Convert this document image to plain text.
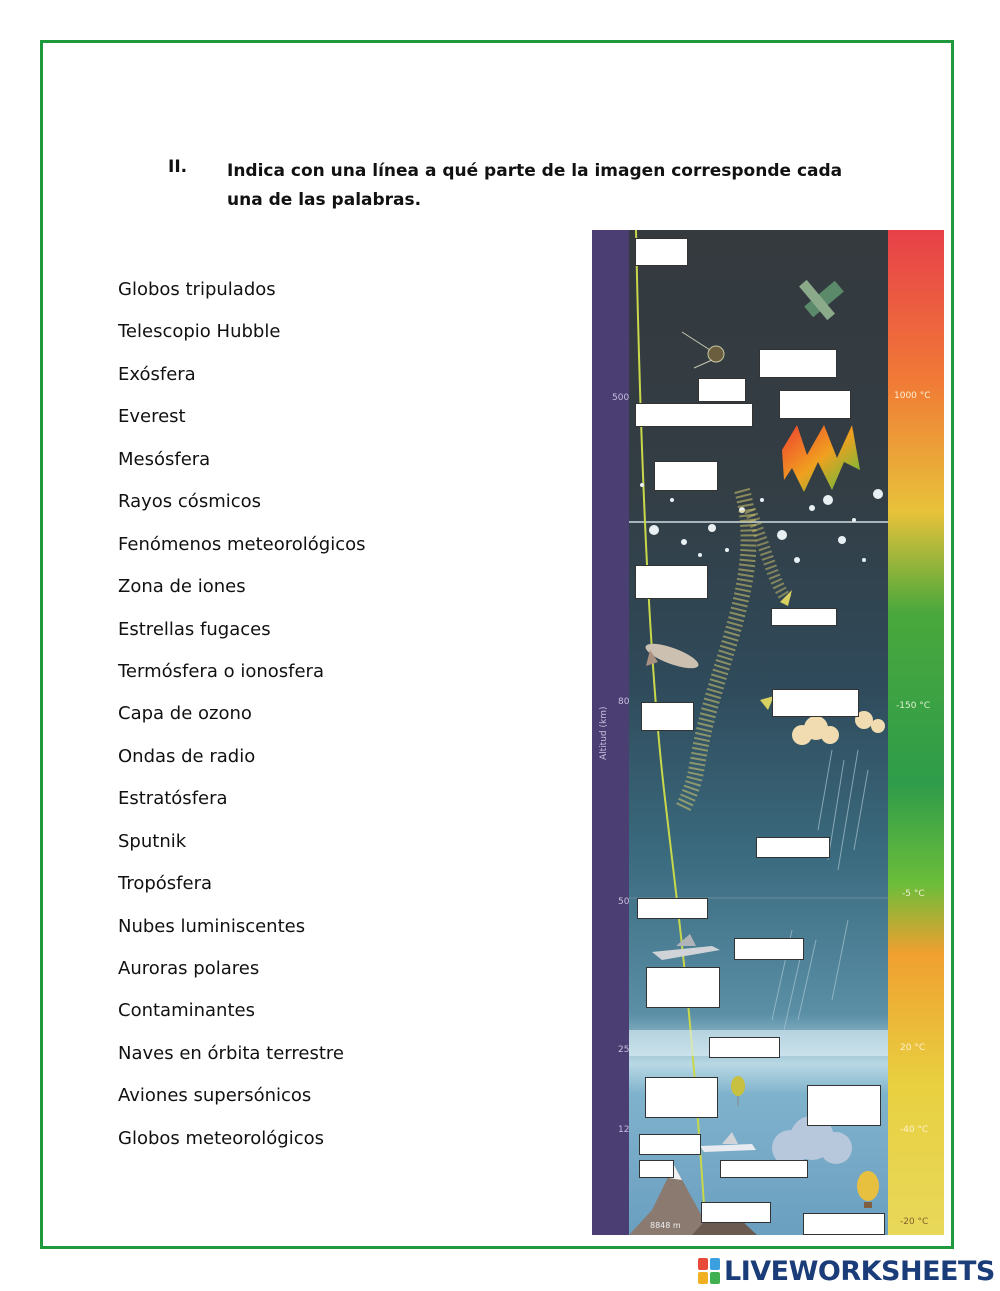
II. Indica con una línea a qué parte de la imagen corresponde cada una de las palabras.
Globos tripulados
Telescopio Hubble
Exósfera
Everest
Mesósfera
Rayos cósmicos
Fenómenos meteorológicos
Zona de iones
Estrellas fugaces
Termósfera o ionosfera
Capa de ozono
Ondas de radio
Estratósfera
Sputnik
Tropósfera
Nubes luminiscentes
Auroras polares
Contaminantes
Naves en órbita terrestre
Aviones supersónicos
Globos meteorológicos
Altitud (km)
500
80
50
25
12
1000 °C
-150 °C
-5 °C
20 °C
-40 °C
-20 °C
8848 m
LIVEWORKSHEETS
